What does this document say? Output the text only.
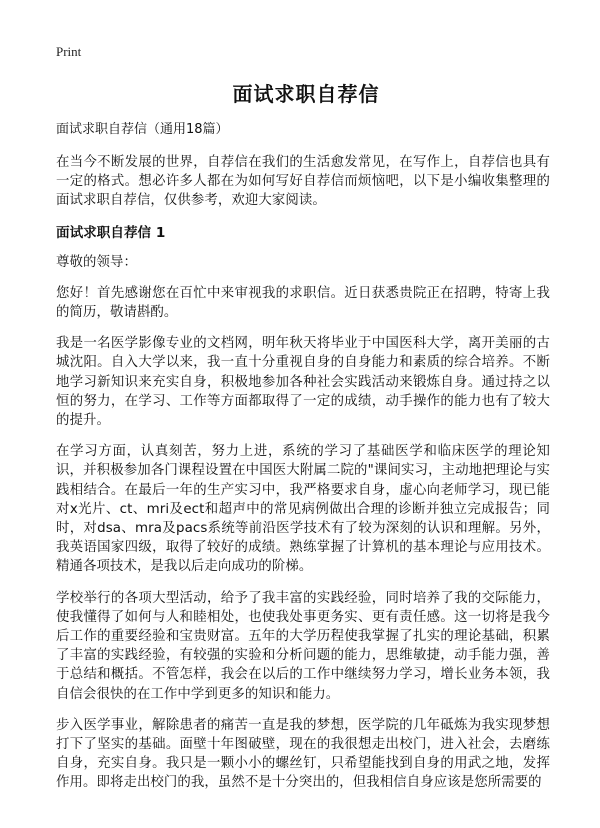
Print
面试求职自荐信
面试求职自荐信（通用18篇）

在当今不断发展的世界，自荐信在我们的生活愈发常见，在写作上，自荐信也具有一定的格式。想必许多人都在为如何写好自荐信而烦恼吧，以下是小编收集整理的面试求职自荐信，仅供参考，欢迎大家阅读。

面试求职自荐信 1

尊敬的领导：

您好！首先感谢您在百忙中来审视我的求职信。近日获悉贵院正在招聘，特寄上我的简历，敬请斟酌。

我是一名医学影像专业的文档网，明年秋天将毕业于中国医科大学，离开美丽的古城沈阳。自入大学以来，我一直十分重视自身的自身能力和素质的综合培养。不断地学习新知识来充实自身，积极地参加各种社会实践活动来锻炼自身。通过持之以恒的努力，在学习、工作等方面都取得了一定的成绩，动手操作的能力也有了较大的提升。

在学习方面，认真刻苦，努力上进，系统的学习了基础医学和临床医学的理论知识，并积极参加各门课程设置在中国医大附属二院的"课间实习，主动地把理论与实践相结合。在最后一年的生产实习中，我严格要求自身，虚心向老师学习，现已能对x光片、ct、mri及ect和超声中的常见病例做出合理的诊断并独立完成报告；同时，对dsa、mra及pacs系统等前沿医学技术有了较为深刻的认识和理解。另外，我英语国家四级，取得了较好的成绩。熟练掌握了计算机的基本理论与应用技术。精通各项技术，是我以后走向成功的阶梯。

学校举行的各项大型活动，给予了我丰富的实践经验，同时培养了我的交际能力，使我懂得了如何与人和睦相处，也使我处事更务实、更有责任感。这一切将是我今后工作的重要经验和宝贵财富。五年的大学历程使我掌握了扎实的理论基础，积累了丰富的实践经验，有较强的实验和分析问题的能力，思维敏捷，动手能力强，善于总结和概括。不管怎样，我会在以后的工作中继续努力学习，增长业务本领，我自信会很快的在工作中学到更多的知识和能力。

步入医学事业，解除患者的痛苦一直是我的梦想，医学院的几年砥炼为我实现梦想打下了坚实的基础。面壁十年图破壁，现在的我很想走出校门，进入社会，去磨练自身，充实自身。我只是一颗小小的螺丝钉，只希望能找到自身的用武之地，发挥作用。即将走出校门的我，虽然不是十分突出的，但我相信自身应该是您所需要的
